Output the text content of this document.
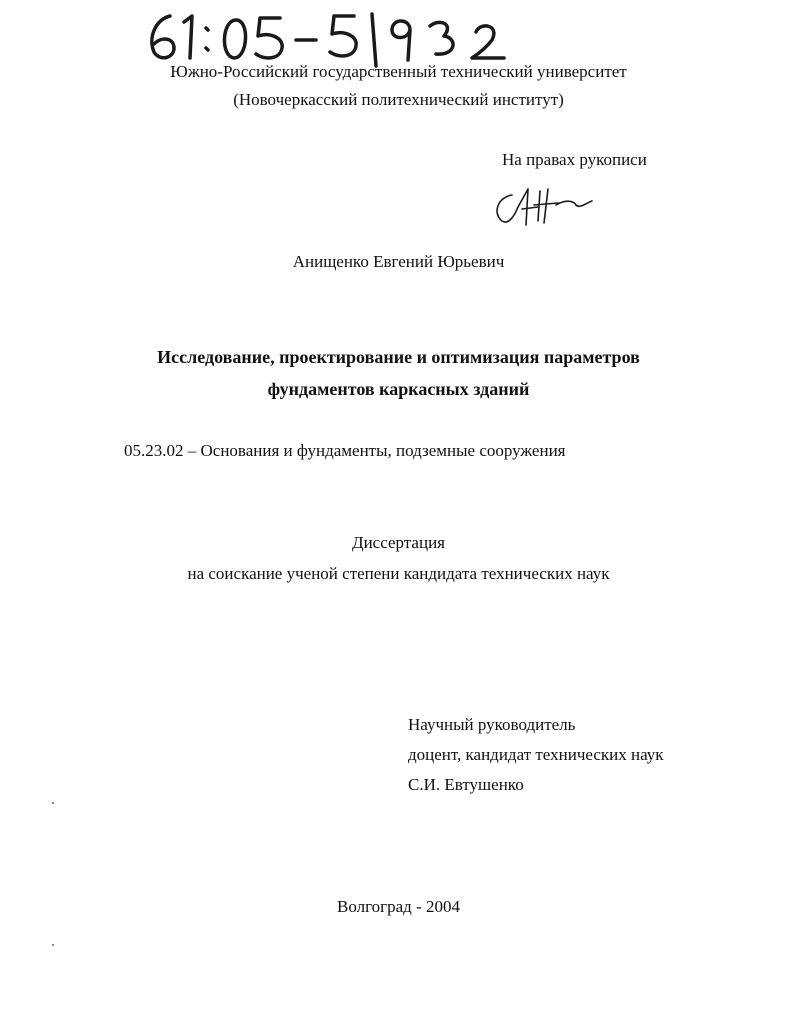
Южно-Российский государственный технический университет
(Новочеркасский политехнический институт)
На правах рукописи
Анищенко Евгений Юрьевич
Исследование, проектирование и оптимизация параметров
фундаментов каркасных зданий
05.23.02 – Основания и фундаменты, подземные сооружения
Диссертация
на соискание ученой степени кандидата технических наук
Научный руководитель
доцент, кандидат технических наук
С.И. Евтушенко
Волгоград - 2004
